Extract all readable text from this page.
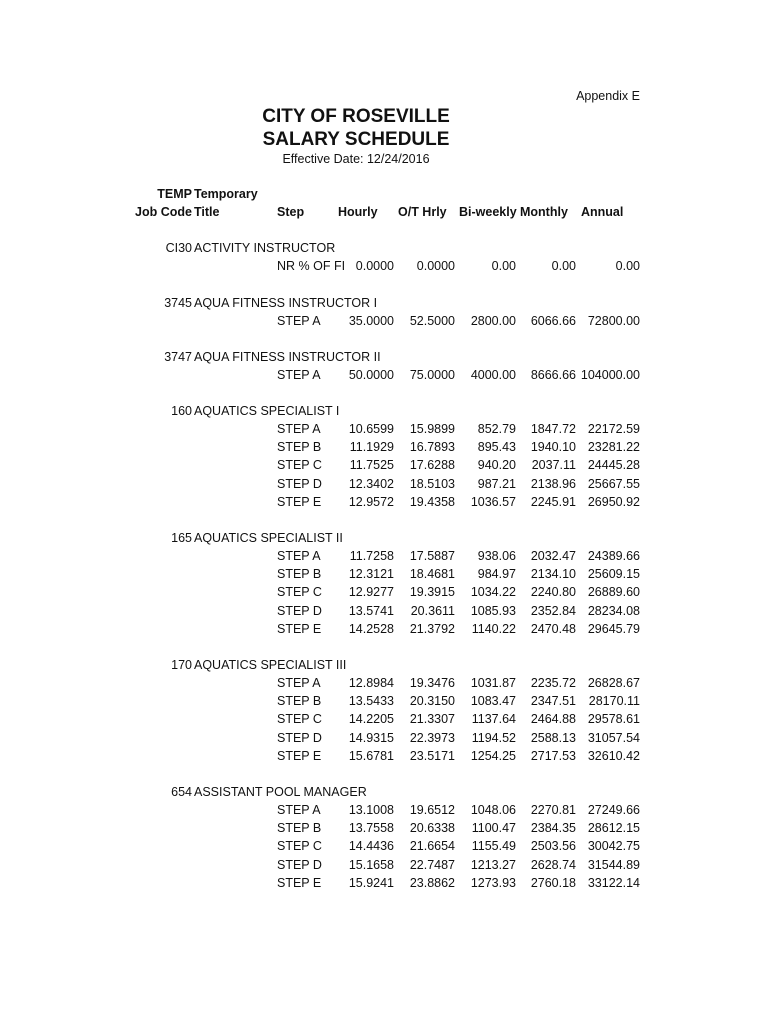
Appendix E
CITY OF ROSEVILLE
SALARY SCHEDULE
Effective Date: 12/24/2016
TEMP Temporary
Job Code Title	Step	Hourly O/T Hrly Bi-weekly Monthly Annual
CI30 ACTIVITY INSTRUCTOR
NR % OF FI 0.0000 0.0000	0.00	0.00	0.00
3745 AQUA FITNESS INSTRUCTOR I
STEP A 35.0000 52.5000 2800.00 6066.66 72800.00
3747 AQUA FITNESS INSTRUCTOR II
STEP A 50.0000 75.0000 4000.00 8666.66 104000.00
160 AQUATICS SPECIALIST I
STEP A 10.6599 15.9899 852.79 1847.72 22172.59
STEP B 11.1929 16.7893 895.43 1940.10 23281.22
STEP C 11.7525 17.6288 940.20 2037.11 24445.28
STEP D 12.3402 18.5103 987.21 2138.96 25667.55
STEP E 12.9572 19.4358 1036.57 2245.91 26950.92
165 AQUATICS SPECIALIST II
STEP A 11.7258 17.5887 938.06 2032.47 24389.66
STEP B 12.3121 18.4681 984.97 2134.10 25609.15
STEP C 12.9277 19.3915 1034.22 2240.80 26889.60
STEP D 13.5741 20.3611 1085.93 2352.84 28234.08
STEP E 14.2528 21.3792 1140.22 2470.48 29645.79
170 AQUATICS SPECIALIST III
STEP A 12.8984 19.3476 1031.87 2235.72 26828.67
STEP B 13.5433 20.3150 1083.47 2347.51 28170.11
STEP C 14.2205 21.3307 1137.64 2464.88 29578.61
STEP D 14.9315 22.3973 1194.52 2588.13 31057.54
STEP E 15.6781 23.5171 1254.25 2717.53 32610.42
654 ASSISTANT POOL MANAGER
STEP A 13.1008 19.6512 1048.06 2270.81 27249.66
STEP B 13.7558 20.6338 1100.47 2384.35 28612.15
STEP C 14.4436 21.6654 1155.49 2503.56 30042.75
STEP D 15.1658 22.7487 1213.27 2628.74 31544.89
STEP E 15.9241 23.8862 1273.93 2760.18 33122.14
